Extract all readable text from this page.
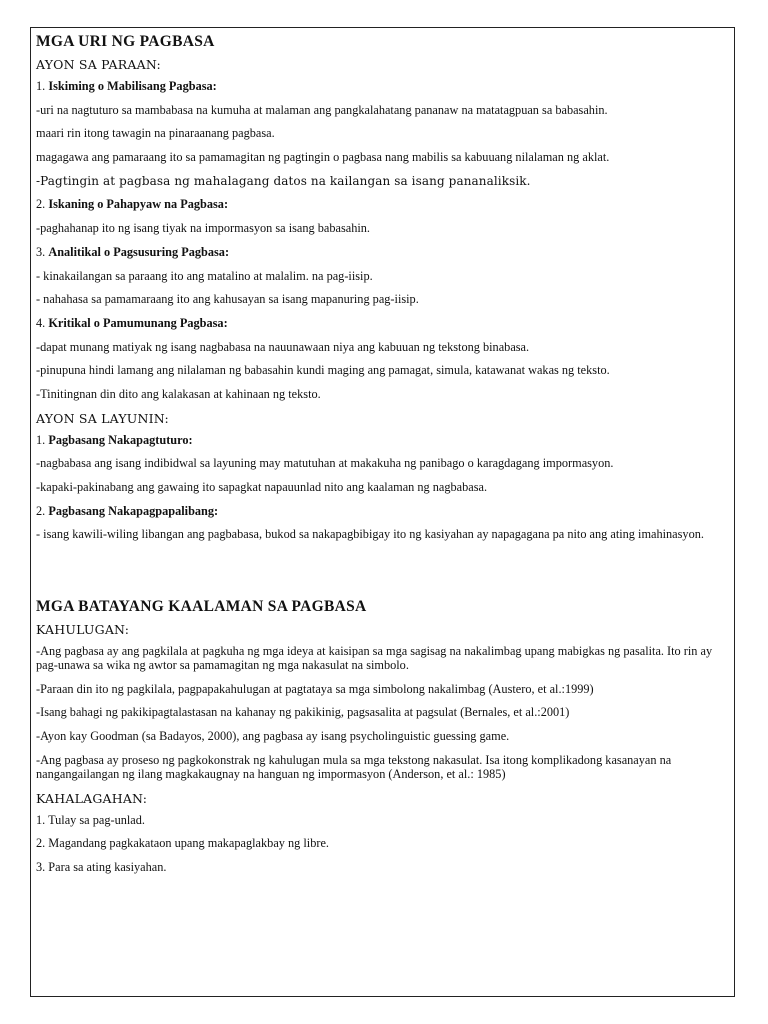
MGA URI NG PAGBASA
AYON SA PARAAN:
1. Iskiming o Mabilisang Pagbasa:
-uri na nagtuturo sa mambabasa na kumuha at malaman ang pangkalahatang pananaw na matatagpuan sa babasahin.
maari rin itong tawagin na pinaraanang pagbasa.
magagawa ang pamaraang ito sa pamamagitan ng pagtingin o pagbasa nang mabilis sa kabuuang nilalaman ng aklat.
-Pagtingin at pagbasa ng mahalagang datos na kailangan sa isang pananaliksik.
2. Iskaning o Pahapyaw na Pagbasa:
-paghahanap ito ng isang tiyak na impormasyon sa isang babasahin.
3. Analitikal o Pagsusuring Pagbasa:
- kinakailangan sa paraang ito ang matalino at malalim. na pag-iisip.
- nahahasa sa pamamaraang ito ang kahusayan sa isang mapanuring pag-iisip.
4. Kritikal o Pamumunang Pagbasa:
-dapat munang matiyak ng isang nagbabasa na nauunawaan niya ang kabuuan ng tekstong binabasa.
-pinupuna hindi lamang ang nilalaman ng babasahin kundi maging ang pamagat, simula, katawanat wakas ng teksto.
-Tinitingnan din dito ang kalakasan at kahinaan ng teksto.
AYON SA LAYUNIN:
1. Pagbasang Nakapagtuturo:
-nagbabasa ang isang indibidwal sa layuning may matutuhan at makakuha ng panibago o karagdagang impormasyon.
-kapaki-pakinabang ang gawaing ito sapagkat napauunlad nito ang kaalaman ng nagbabasa.
2. Pagbasang Nakapagpapalibang:
- isang kawili-wiling libangan ang pagbabasa, bukod sa nakapagbibigay ito ng kasiyahan ay napagagana pa nito ang ating imahinasyon.
MGA BATAYANG KAALAMAN SA PAGBASA
KAHULUGAN:
-Ang pagbasa ay ang pagkilala at pagkuha ng mga ideya at kaisipan sa mga sagisag na nakalimbag upang mabigkas ng pasalita. Ito rin ay pag-unawa sa wika ng awtor sa pamamagitan ng mga nakasulat na simbolo.
-Paraan din ito ng pagkilala, pagpapakahulugan at pagtataya sa mga simbolong nakalimbag (Austero, et al.:1999)
-Isang bahagi ng pakikipagtalastasan na kahanay ng pakikinig, pagsasalita at pagsulat (Bernales, et al.:2001)
-Ayon kay Goodman (sa Badayos, 2000), ang pagbasa ay isang psycholinguistic guessing game.
-Ang pagbasa ay proseso ng pagkokonstrak ng kahulugan mula sa mga tekstong nakasulat. Isa itong komplikadong kasanayan na nangangailangan ng ilang magkakaugnay na hanguan ng impormasyon (Anderson, et al.: 1985)
KAHALAGAHAN:
1. Tulay sa pag-unlad.
2. Magandang pagkakataon upang makapaglakbay ng libre.
3. Para sa ating kasiyahan.
